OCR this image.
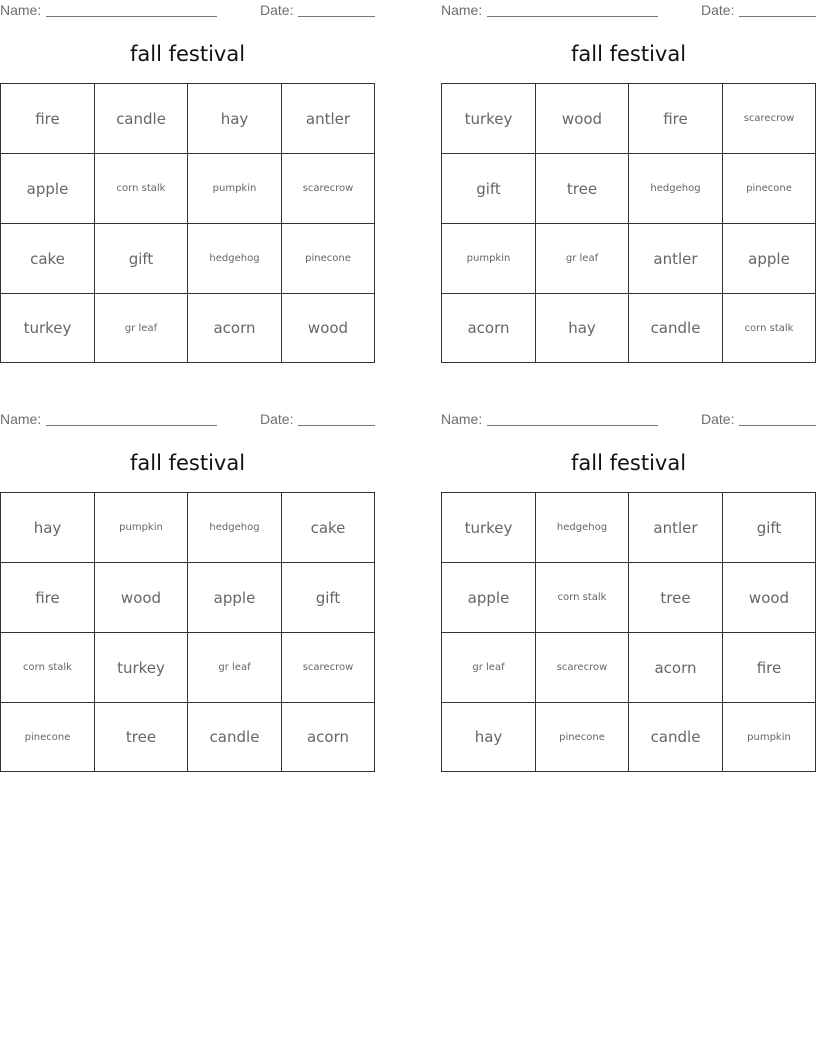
Name:	Date:
fall festival
fire	candle	hay	antler
apple	corn stalk	pumpkin	scarecrow
cake	gift	hedgehog	pinecone
turkey	gr leaf	acorn	wood
Name:	Date:
fall festival
turkey	wood	fire	scarecrow
gift	tree	hedgehog	pinecone
pumpkin	gr leaf	antler	apple
acorn	hay	candle	corn stalk
Name:	Date:
fall festival
hay	pumpkin	hedgehog	cake
fire	wood	apple	gift
corn stalk	turkey	gr leaf	scarecrow
pinecone	tree	candle	acorn
Name:	Date:
fall festival
turkey	hedgehog	antler	gift
apple	corn stalk	tree	wood
gr leaf	scarecrow	acorn	fire
hay	pinecone	candle	pumpkin
